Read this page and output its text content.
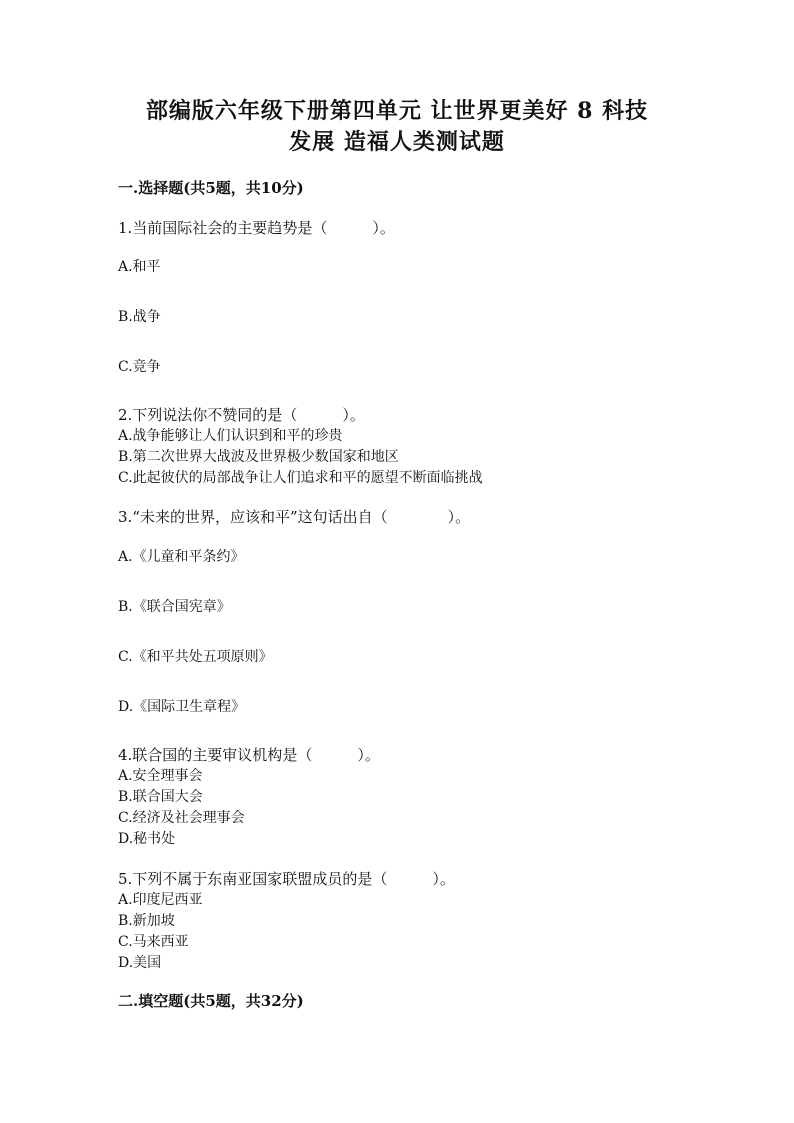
部编版六年级下册第四单元 让世界更美好 8 科技
发展 造福人类测试题
一.选择题(共5题，共10分)
1.当前国际社会的主要趋势是（　　　）。
A.和平
B.战争
C.竞争
2.下列说法你不赞同的是（　　　）。
A.战争能够让人们认识到和平的珍贵
B.第二次世界大战波及世界极少数国家和地区
C.此起彼伏的局部战争让人们追求和平的愿望不断面临挑战
3.“未来的世界，应该和平”这句话出自（　　　　）。
A.《儿童和平条约》
B.《联合国宪章》
C.《和平共处五项原则》
D.《国际卫生章程》
4.联合国的主要审议机构是（　　　）。
A.安全理事会
B.联合国大会
C.经济及社会理事会
D.秘书处
5.下列不属于东南亚国家联盟成员的是（　　　）。
A.印度尼西亚
B.新加坡
C.马来西亚
D.美国
二.填空题(共5题，共32分)
